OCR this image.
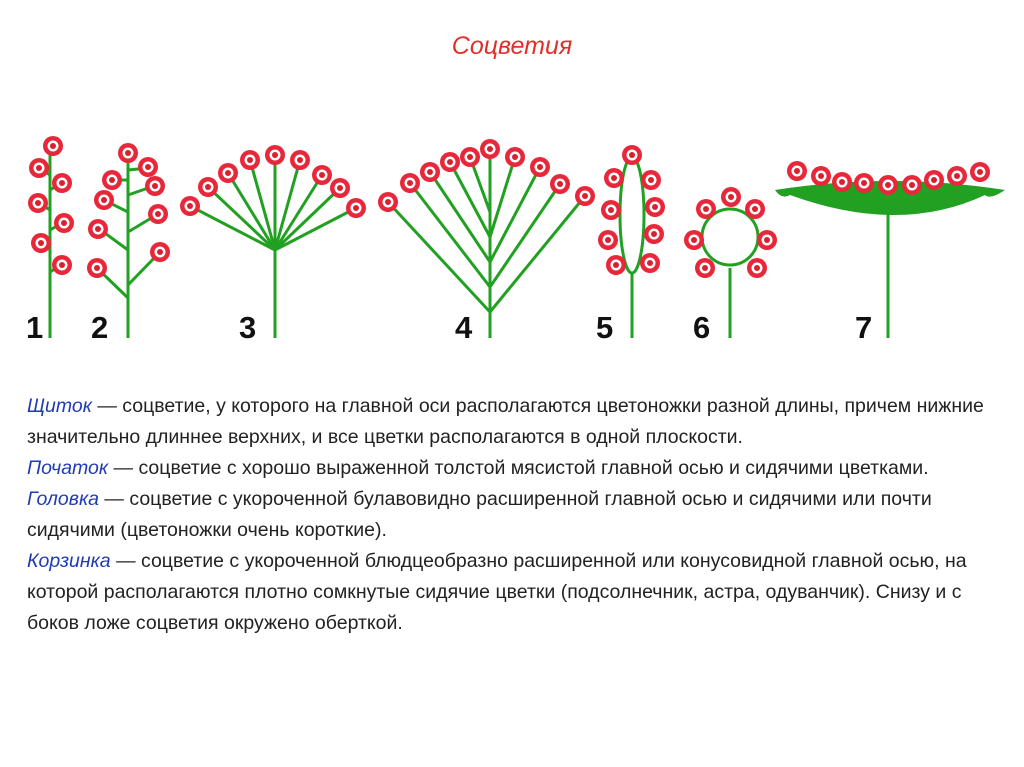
Соцветия
1 2	3	4	5	6	7

Щиток — соцветие, у которого на главной оси располагаются цветоножки разной длины, причем нижние значительно длиннее верхних, и все цветки располагаются в одной плоскости.

Початок — соцветие с хорошо выраженной толстой мясистой главной осью и сидячими цветками.

Головка — соцветие с укороченной булавовидно расширенной главной осью и сидячими или почти сидячими (цветоножки очень короткие).

Корзинка — соцветие с укороченной блюдцеобразно расширенной или конусовидной главной осью, на которой располагаются плотно сомкнутые сидячие цветки (подсолнечник, астра, одуванчик). Снизу и с боков ложе соцветия окружено оберткой.
